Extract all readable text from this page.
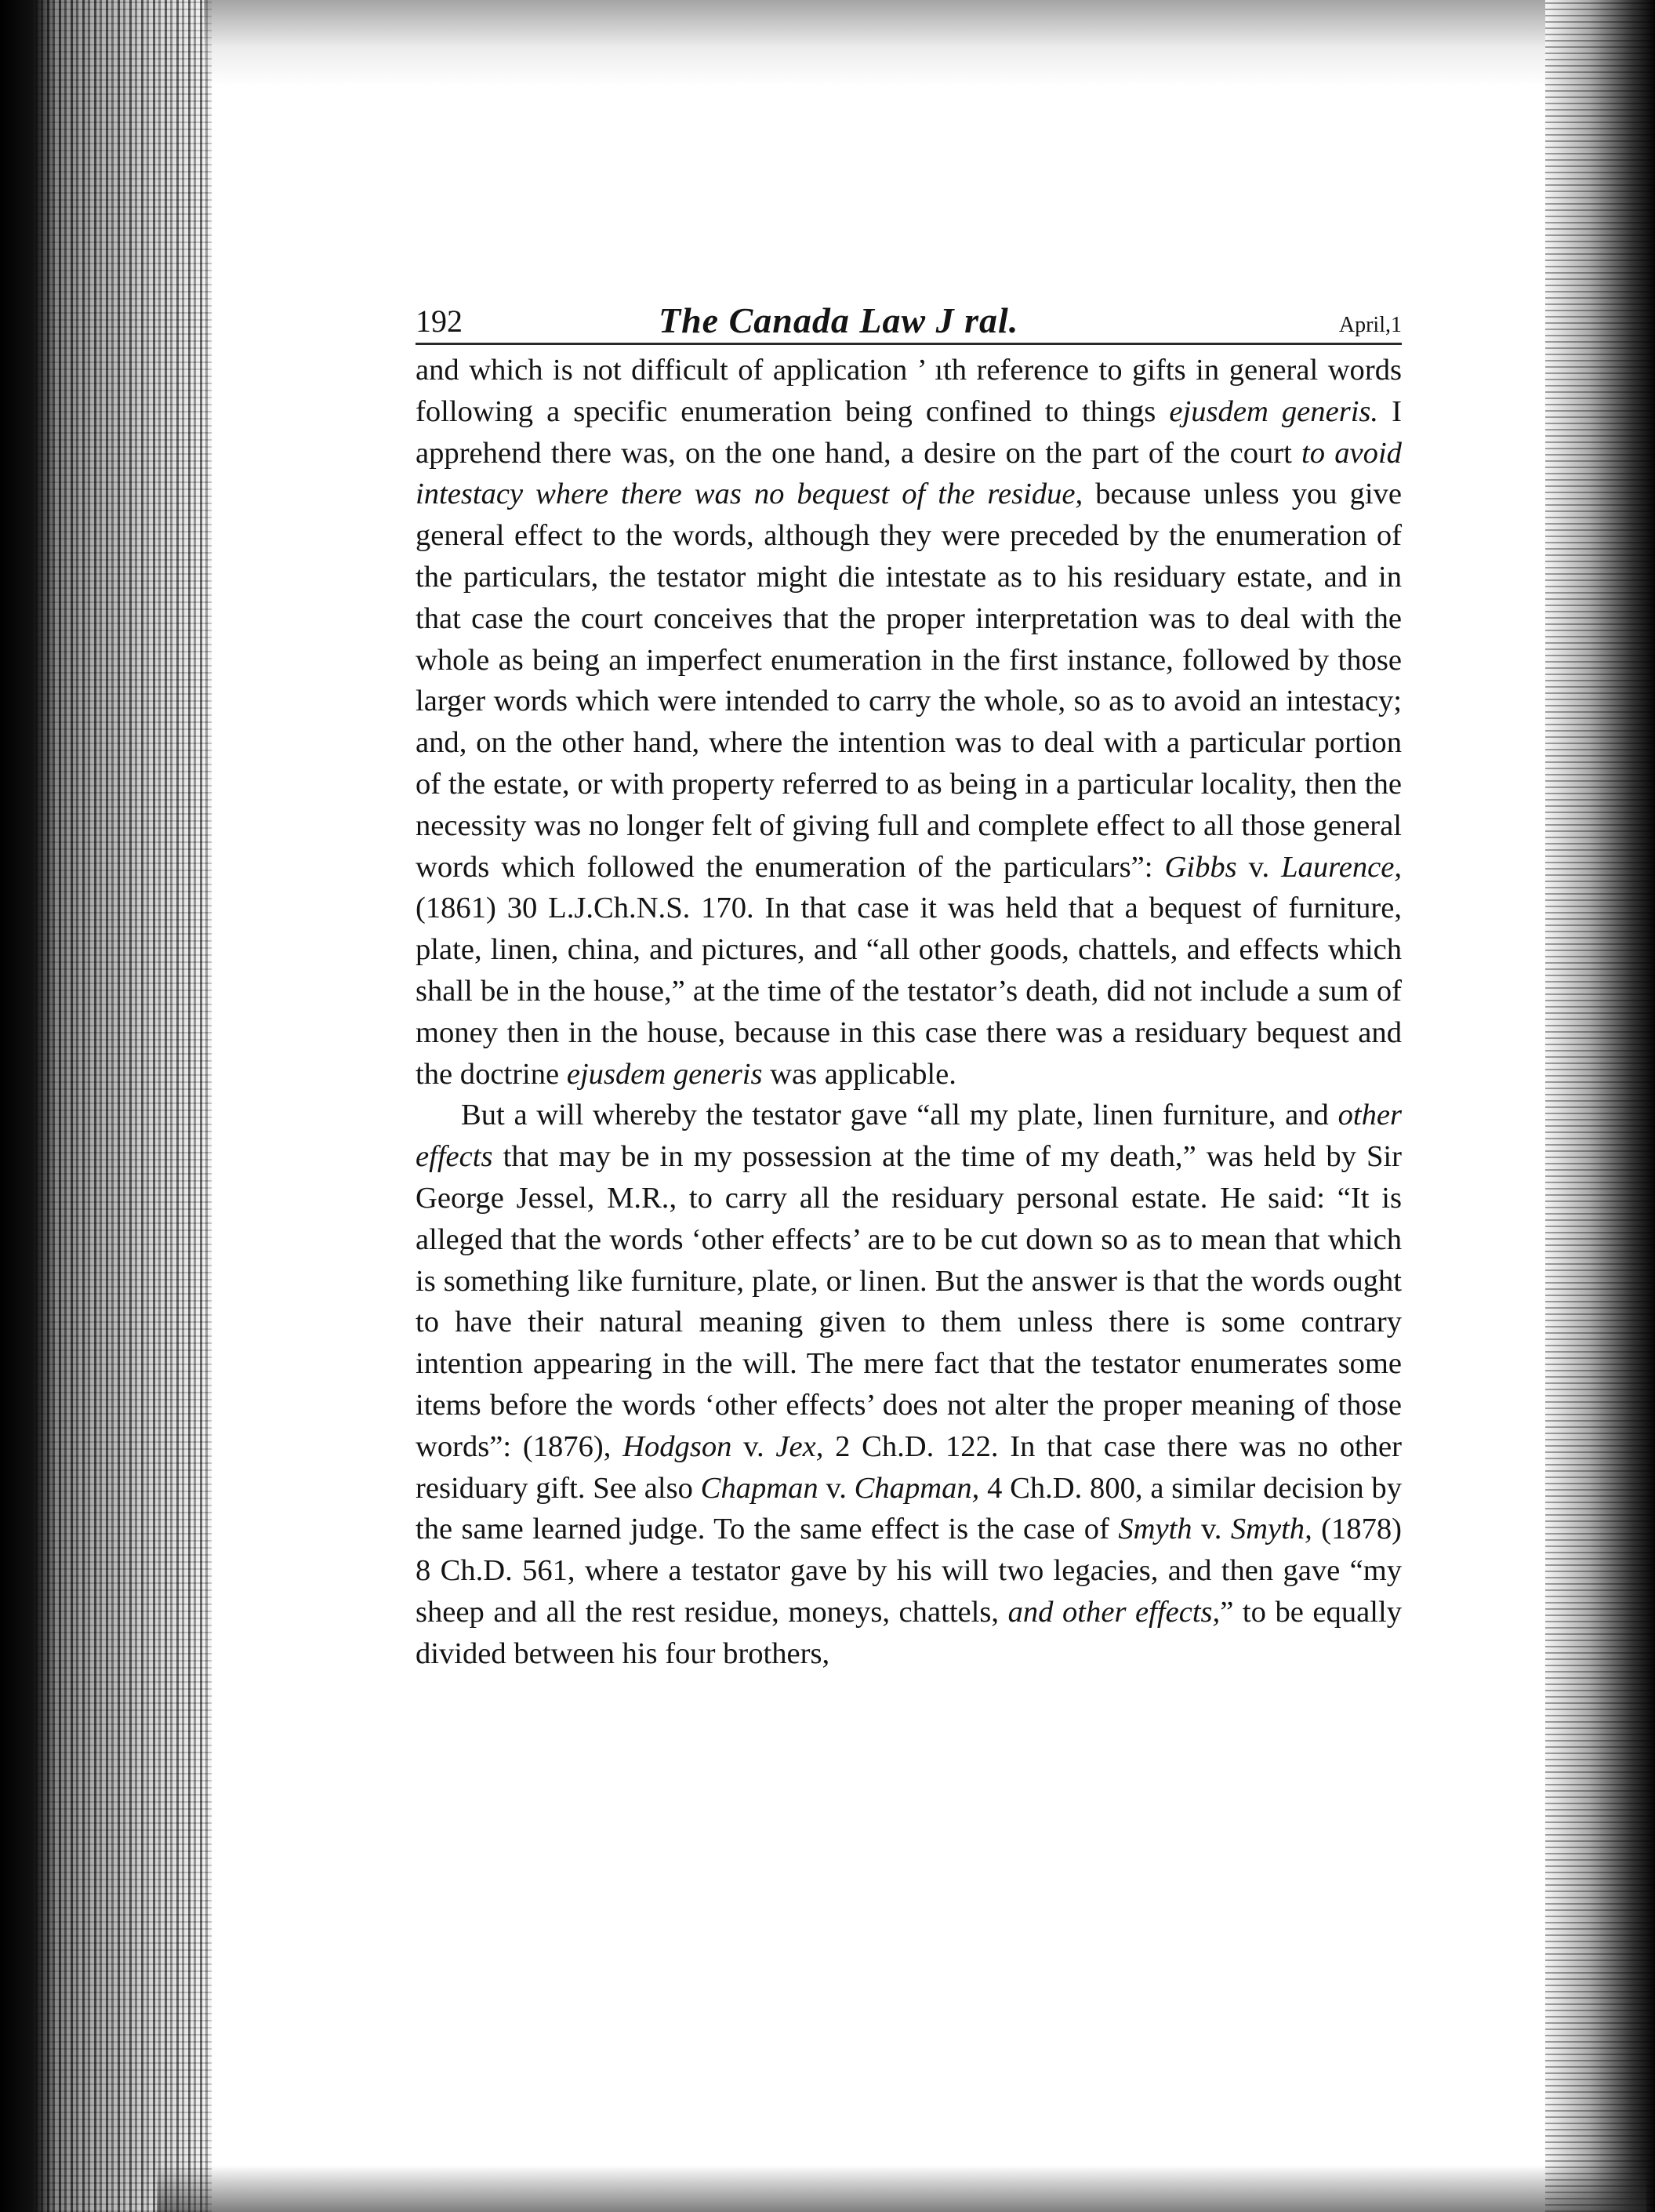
192	The Canada Law J ral.	April,1

and which is not difficult of application ’ ıth reference to gifts in general words following a specific enumeration being confined to things ejusdem generis. I apprehend there was, on the one hand, a desire on the part of the court to avoid intestacy where there was no bequest of the residue, because unless you give general effect to the words, although they were preceded by the enumeration of the particulars, the testator might die intestate as to his residuary estate, and in that case the court conceives that the proper interpretation was to deal with the whole as being an imperfect enumeration in the first instance, followed by those larger words which were intended to carry the whole, so as to avoid an intestacy; and, on the other hand, where the intention was to deal with a particular portion of the estate, or with property referred to as being in a particular locality, then the necessity was no longer felt of giving full and complete effect to all those general words which followed the enumeration of the particulars”: Gibbs v. Laurence, (1861) 30 L.J.Ch.N.S. 170. In that case it was held that a bequest of furniture, plate, linen, china, and pictures, and “all other goods, chattels, and effects which shall be in the house,” at the time of the testator’s death, did not include a sum of money then in the house, because in this case there was a residuary bequest and the doctrine ejusdem generis was applicable.

But a will whereby the testator gave “all my plate, linen furniture, and other effects that may be in my possession at the time of my death,” was held by Sir George Jessel, M.R., to carry all the residuary personal estate. He said: “It is alleged that the words ‘other effects’ are to be cut down so as to mean that which is something like furniture, plate, or linen. But the answer is that the words ought to have their natural meaning given to them unless there is some contrary intention appearing in the will. The mere fact that the testator enumerates some items before the words ‘other effects’ does not alter the proper meaning of those words”: (1876), Hodgson v. Jex, 2 Ch.D. 122. In that case there was no other residuary gift. See also Chapman v. Chapman, 4 Ch.D. 800, a similar decision by the same learned judge. To the same effect is the case of Smyth v. Smyth, (1878) 8 Ch.D. 561, where a testator gave by his will two legacies, and then gave “my sheep and all the rest residue, moneys, chattels, and other effects,” to be equally divided between his four brothers,
